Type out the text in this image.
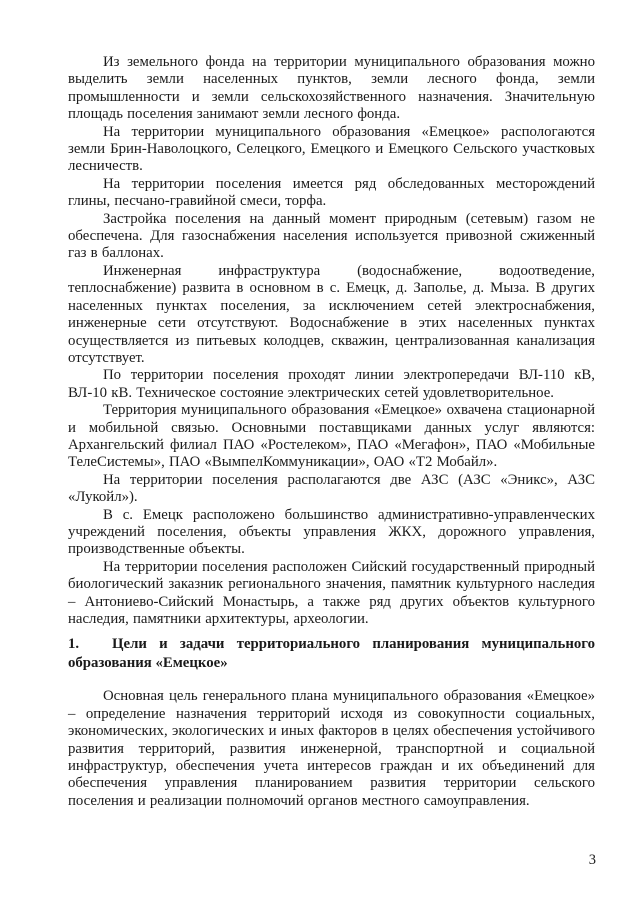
Из земельного фонда на территории муниципального образования можно выделить земли населенных пунктов, земли лесного фонда, земли промышленности и земли сельскохозяйственного назначения. Значительную площадь поселения занимают земли лесного фонда.

На территории муниципального образования «Емецкое» распологаются земли Брин-Наволоцкого, Селецкого, Емецкого и Емецкого Сельского участковых лесничеств.

На территории поселения имеется ряд обследованных месторождений глины, песчано-гравийной смеси, торфа.

Застройка поселения на данный момент природным (сетевым) газом не обеспечена. Для газоснабжения населения используется привозной сжиженный газ в баллонах.

Инженерная инфраструктура (водоснабжение, водоотведение, теплоснабжение) развита в основном в с. Емецк, д. Заполье, д. Мыза. В других населенных пунктах поселения, за исключением сетей электроснабжения, инженерные сети отсутствуют. Водоснабжение в этих населенных пунктах осуществляется из питьевых колодцев, скважин, централизованная канализация отсутствует.

По территории поселения проходят линии электропередачи ВЛ-110 кВ, ВЛ-10 кВ. Техническое состояние электрических сетей удовлетворительное.

Территория муниципального образования «Емецкое» охвачена стационарной и мобильной связью. Основными поставщиками данных услуг являются: Архангельский филиал ПАО «Ростелеком», ПАО «Мегафон», ПАО «Мобильные ТелеСистемы», ПАО «ВымпелКоммуникации», ОАО «Т2 Мобайл».

На территории поселения располагаются две АЗС (АЗС «Эникс», АЗС «Лукойл»).

В с. Емецк расположено большинство административно-управленческих учреждений поселения, объекты управления ЖКХ, дорожного управления, производственные объекты.

На территории поселения расположен Сийский государственный природный биологический заказник регионального значения, памятник культурного наследия – Антониево-Сийский Монастырь, а также ряд других объектов культурного наследия, памятники архитектуры, археологии.

1. Цели и задачи территориального планирования муниципального образования «Емецкое»

Основная цель генерального плана муниципального образования «Емецкое» – определение назначения территорий исходя из совокупности социальных, экономических, экологических и иных факторов в целях обеспечения устойчивого развития территорий, развития инженерной, транспортной и социальной инфраструктур, обеспечения учета интересов граждан и их объединений для обеспечения управления планированием развития территории сельского поселения и реализации полномочий органов местного самоуправления.

3
